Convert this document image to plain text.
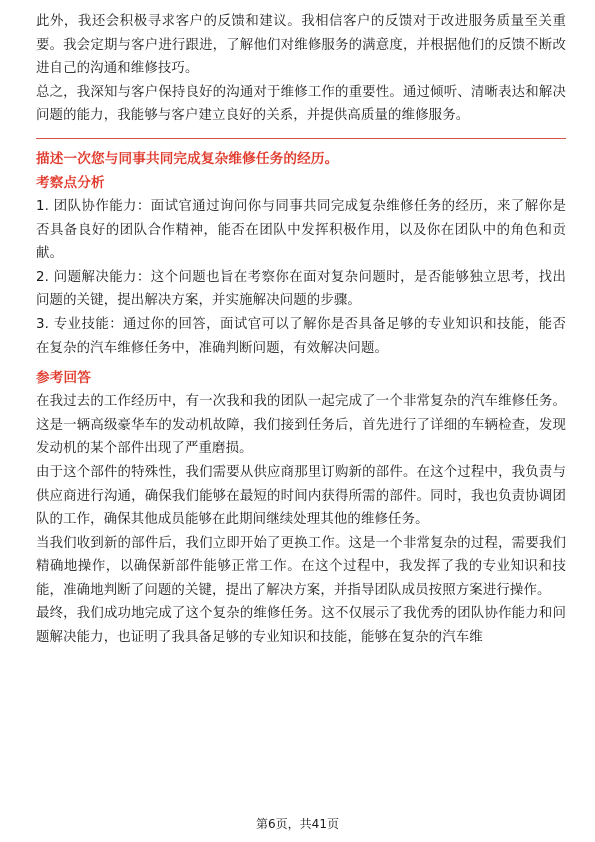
此外，我还会积极寻求客户的反馈和建议。我相信客户的反馈对于改进服务质量至关重要。我会定期与客户进行跟进，了解他们对维修服务的满意度，并根据他们的反馈不断改进自己的沟通和维修技巧。

总之，我深知与客户保持良好的沟通对于维修工作的重要性。通过倾听、清晰表达和解决问题的能力，我能够与客户建立良好的关系，并提供高质量的维修服务。

描述一次您与同事共同完成复杂维修任务的经历。

考察点分析

1. 团队协作能力：面试官通过询问你与同事共同完成复杂维修任务的经历，来了解你是否具备良好的团队合作精神，能否在团队中发挥积极作用，以及你在团队中的角色和贡献。

2. 问题解决能力：这个问题也旨在考察你在面对复杂问题时，是否能够独立思考，找出问题的关键，提出解决方案，并实施解决问题的步骤。

3. 专业技能：通过你的回答，面试官可以了解你是否具备足够的专业知识和技能，能否在复杂的汽车维修任务中，准确判断问题，有效解决问题。

参考回答

在我过去的工作经历中，有一次我和我的团队一起完成了一个非常复杂的汽车维修任务。这是一辆高级豪华车的发动机故障，我们接到任务后，首先进行了详细的车辆检查，发现发动机的某个部件出现了严重磨损。

由于这个部件的特殊性，我们需要从供应商那里订购新的部件。在这个过程中，我负责与供应商进行沟通，确保我们能够在最短的时间内获得所需的部件。同时，我也负责协调团队的工作，确保其他成员能够在此期间继续处理其他的维修任务。

当我们收到新的部件后，我们立即开始了更换工作。这是一个非常复杂的过程，需要我们精确地操作，以确保新部件能够正常工作。在这个过程中，我发挥了我的专业知识和技能，准确地判断了问题的关键，提出了解决方案，并指导团队成员按照方案进行操作。

最终，我们成功地完成了这个复杂的维修任务。这不仅展示了我优秀的团队协作能力和问题解决能力，也证明了我具备足够的专业知识和技能，能够在复杂的汽车维

第6页，共41页
